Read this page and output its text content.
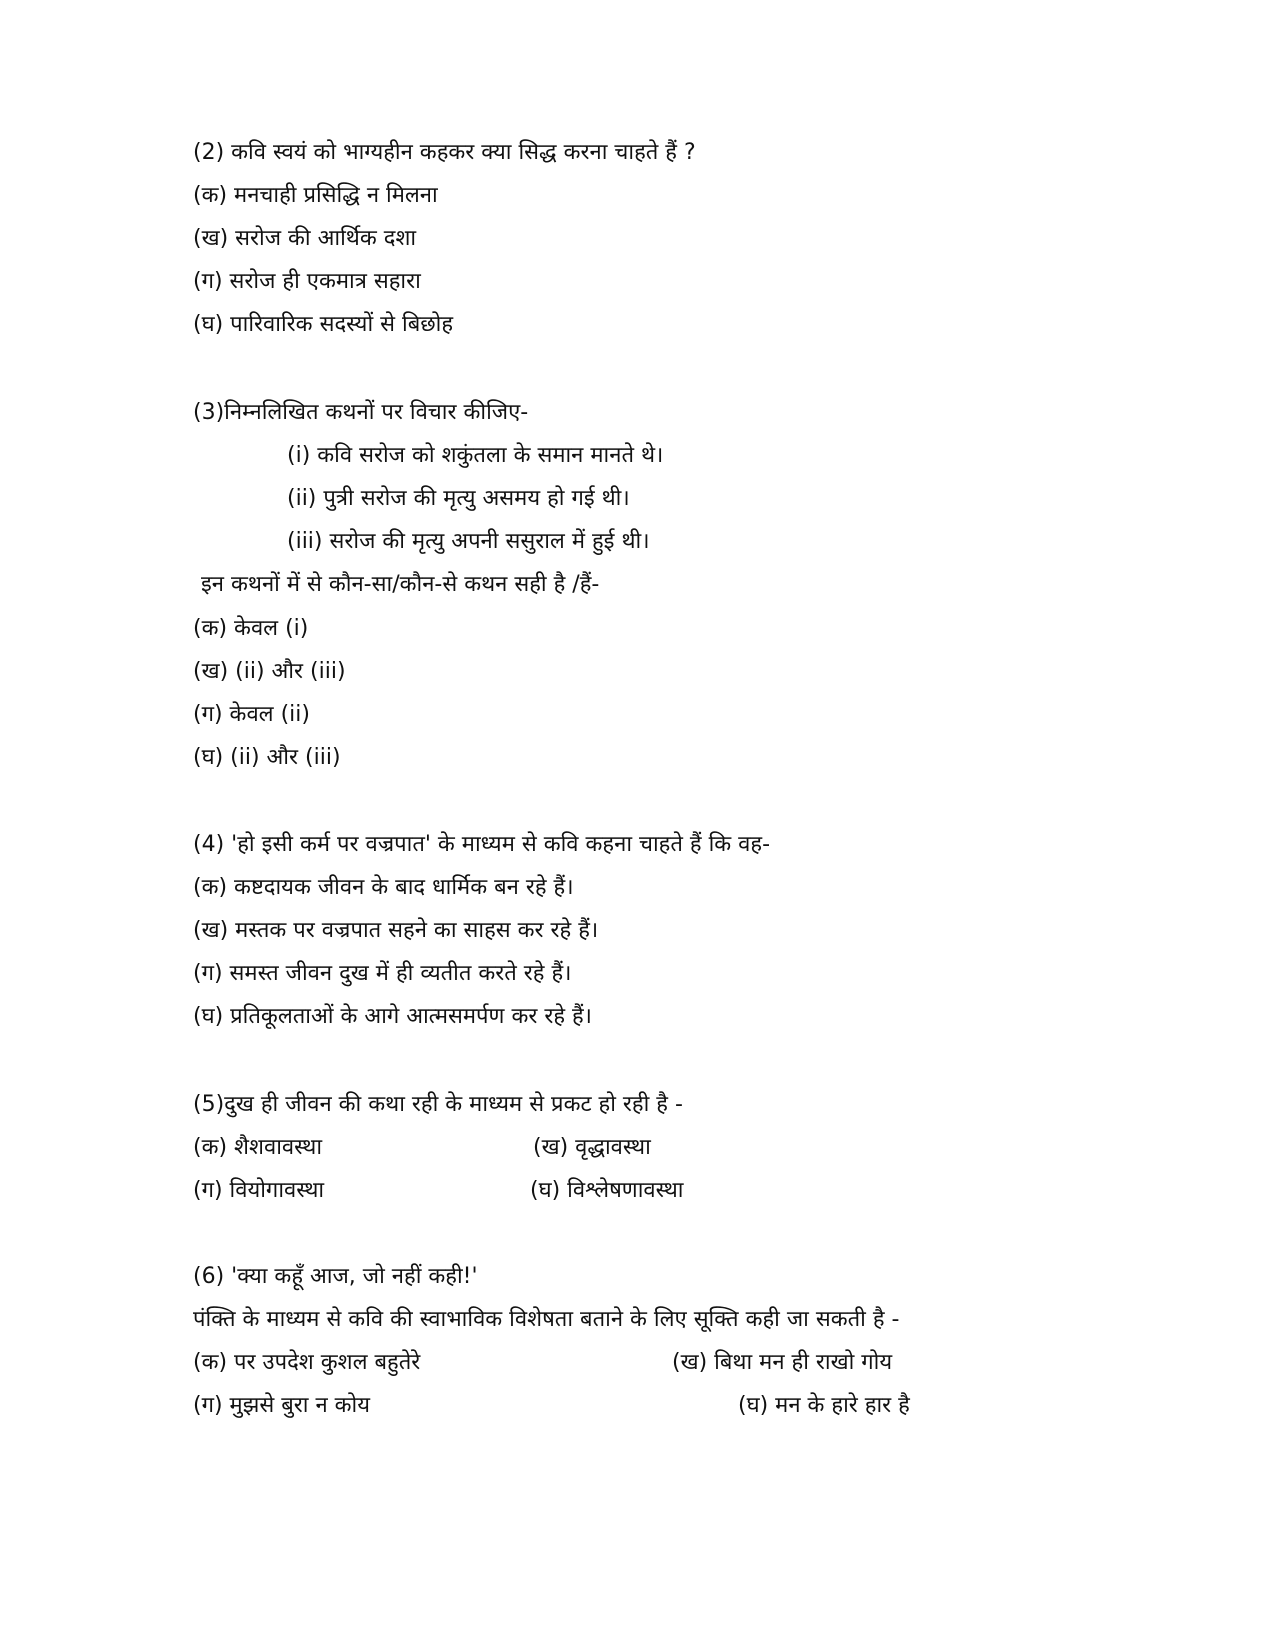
(2) कवि स्वयं को भाग्यहीन कहकर क्या सिद्ध करना चाहते हैं ?
(क) मनचाही प्रसिद्धि न मिलना
(ख) सरोज की आर्थिक दशा
(ग) सरोज ही एकमात्र सहारा
(घ) पारिवारिक सदस्यों से बिछोह
(3)निम्नलिखित कथनों पर विचार कीजिए-
(i) कवि सरोज को शकुंतला के समान मानते थे।
(ii) पुत्री सरोज की मृत्यु असमय हो गई थी।
(iii) सरोज की मृत्यु अपनी ससुराल में हुई थी।
इन कथनों में से कौन-सा/कौन-से कथन सही है /हैं-
(क) केवल (i)
(ख) (ii) और (iii)
(ग) केवल (ii)
(घ) (ii) और (iii)
(4) 'हो इसी कर्म पर वज्रपात' के माध्यम से कवि कहना चाहते हैं कि वह-
(क) कष्टदायक जीवन के बाद धार्मिक बन रहे हैं।
(ख) मस्तक पर वज्रपात सहने का साहस कर रहे हैं।
(ग) समस्त जीवन दुख में ही व्यतीत करते रहे हैं।
(घ) प्रतिकूलताओं के आगे आत्मसमर्पण कर रहे हैं।
(5)दुख ही जीवन की कथा रही के माध्यम से प्रकट हो रही है -
(क) शैशवावस्था	(ख) वृद्धावस्था
(ग) वियोगावस्था	(घ) विश्लेषणावस्था
(6) 'क्या कहूँ आज, जो नहीं कही!'
पंक्ति के माध्यम से कवि की स्वाभाविक विशेषता बताने के लिए सूक्ति कही जा सकती है -
(क) पर उपदेश कुशल बहुतेरे	(ख) बिथा मन ही राखो गोय
(ग) मुझसे बुरा न कोय	(घ) मन के हारे हार है
